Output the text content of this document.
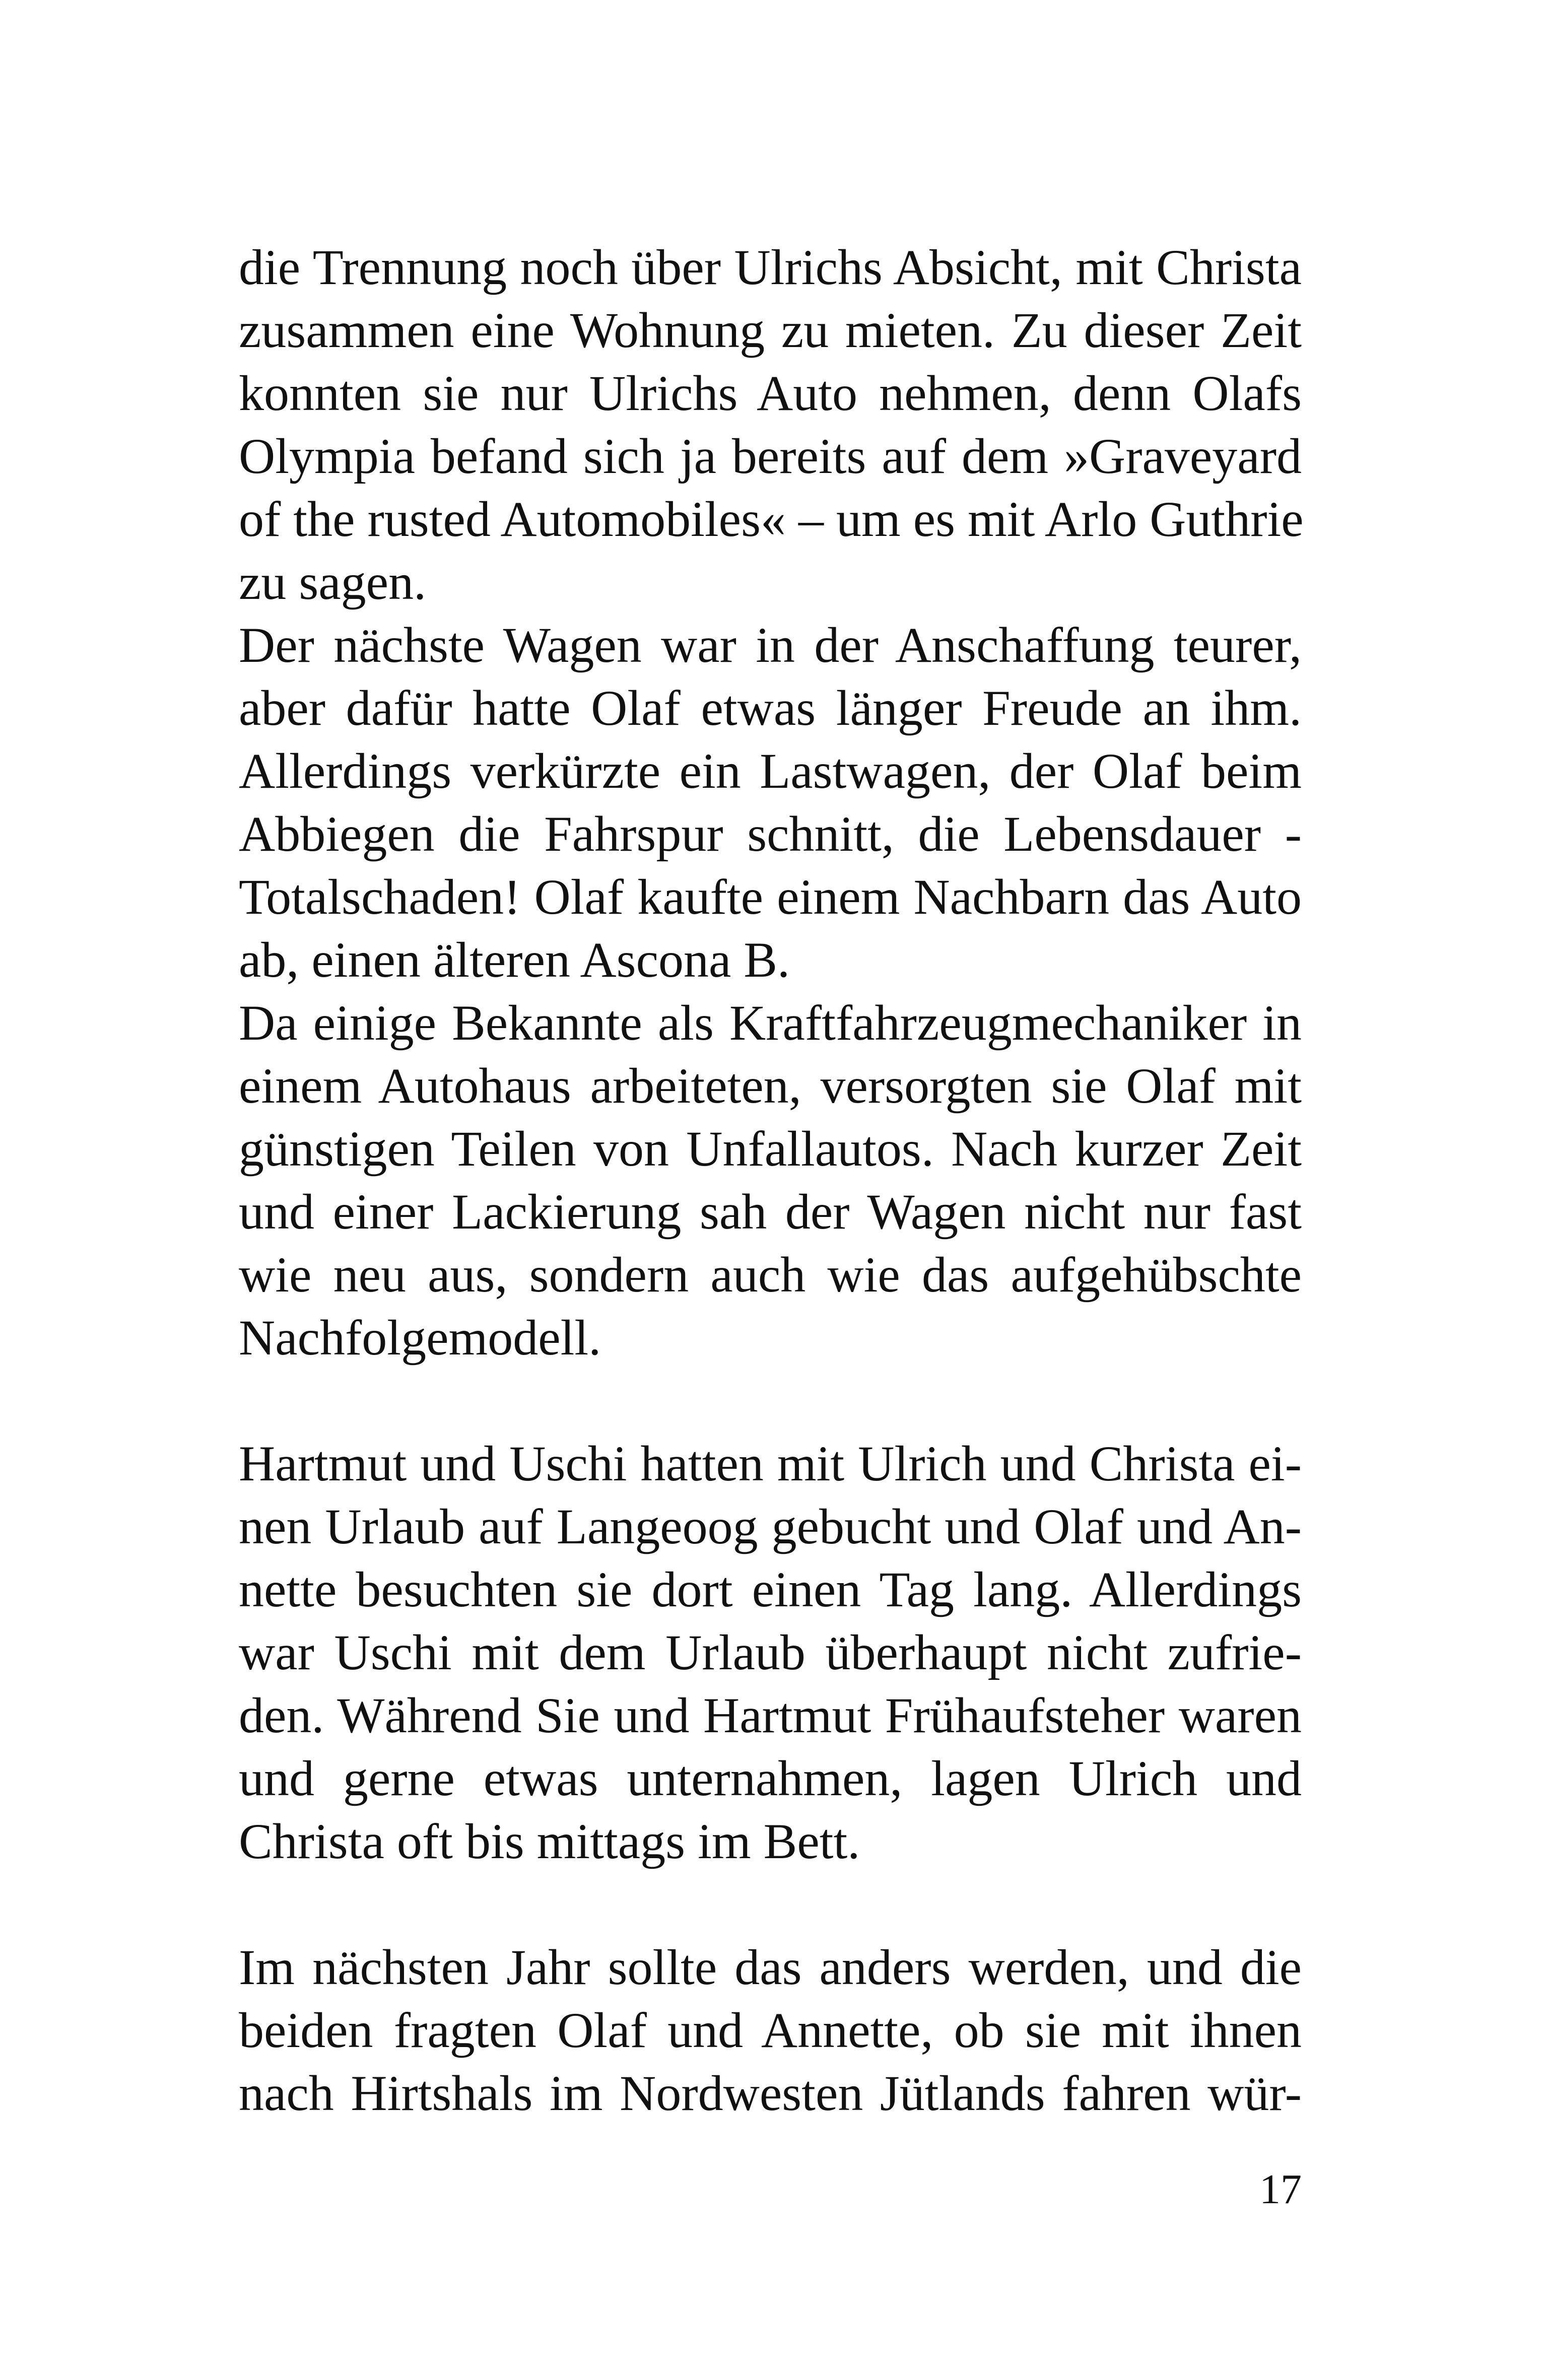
die Trennung noch über Ulrichs Absicht, mit Christa
zusammen eine Wohnung zu mieten. Zu dieser Zeit
konnten sie nur Ulrichs Auto nehmen, denn Olafs
Olympia befand sich ja bereits auf dem »Graveyard
of the rusted Automobiles« – um es mit Arlo Guthrie
zu sagen.
Der nächste Wagen war in der Anschaffung teurer,
aber dafür hatte Olaf etwas länger Freude an ihm.
Allerdings verkürzte ein Lastwagen, der Olaf beim
Abbiegen die Fahrspur schnitt, die Lebensdauer -
Totalschaden! Olaf kaufte einem Nachbarn das Auto
ab, einen älteren Ascona B.
Da einige Bekannte als Kraftfahrzeugmechaniker in
einem Autohaus arbeiteten, versorgten sie Olaf mit
günstigen Teilen von Unfallautos. Nach kurzer Zeit
und einer Lackierung sah der Wagen nicht nur fast
wie neu aus, sondern auch wie das aufgehübschte
Nachfolgemodell.
Hartmut und Uschi hatten mit Ulrich und Christa ei-
nen Urlaub auf Langeoog gebucht und Olaf und An-
nette besuchten sie dort einen Tag lang. Allerdings
war Uschi mit dem Urlaub überhaupt nicht zufrie-
den. Während Sie und Hartmut Frühaufsteher waren
und gerne etwas unternahmen, lagen Ulrich und
Christa oft bis mittags im Bett.
Im nächsten Jahr sollte das anders werden, und die
beiden fragten Olaf und Annette, ob sie mit ihnen
nach Hirtshals im Nordwesten Jütlands fahren wür-
17
